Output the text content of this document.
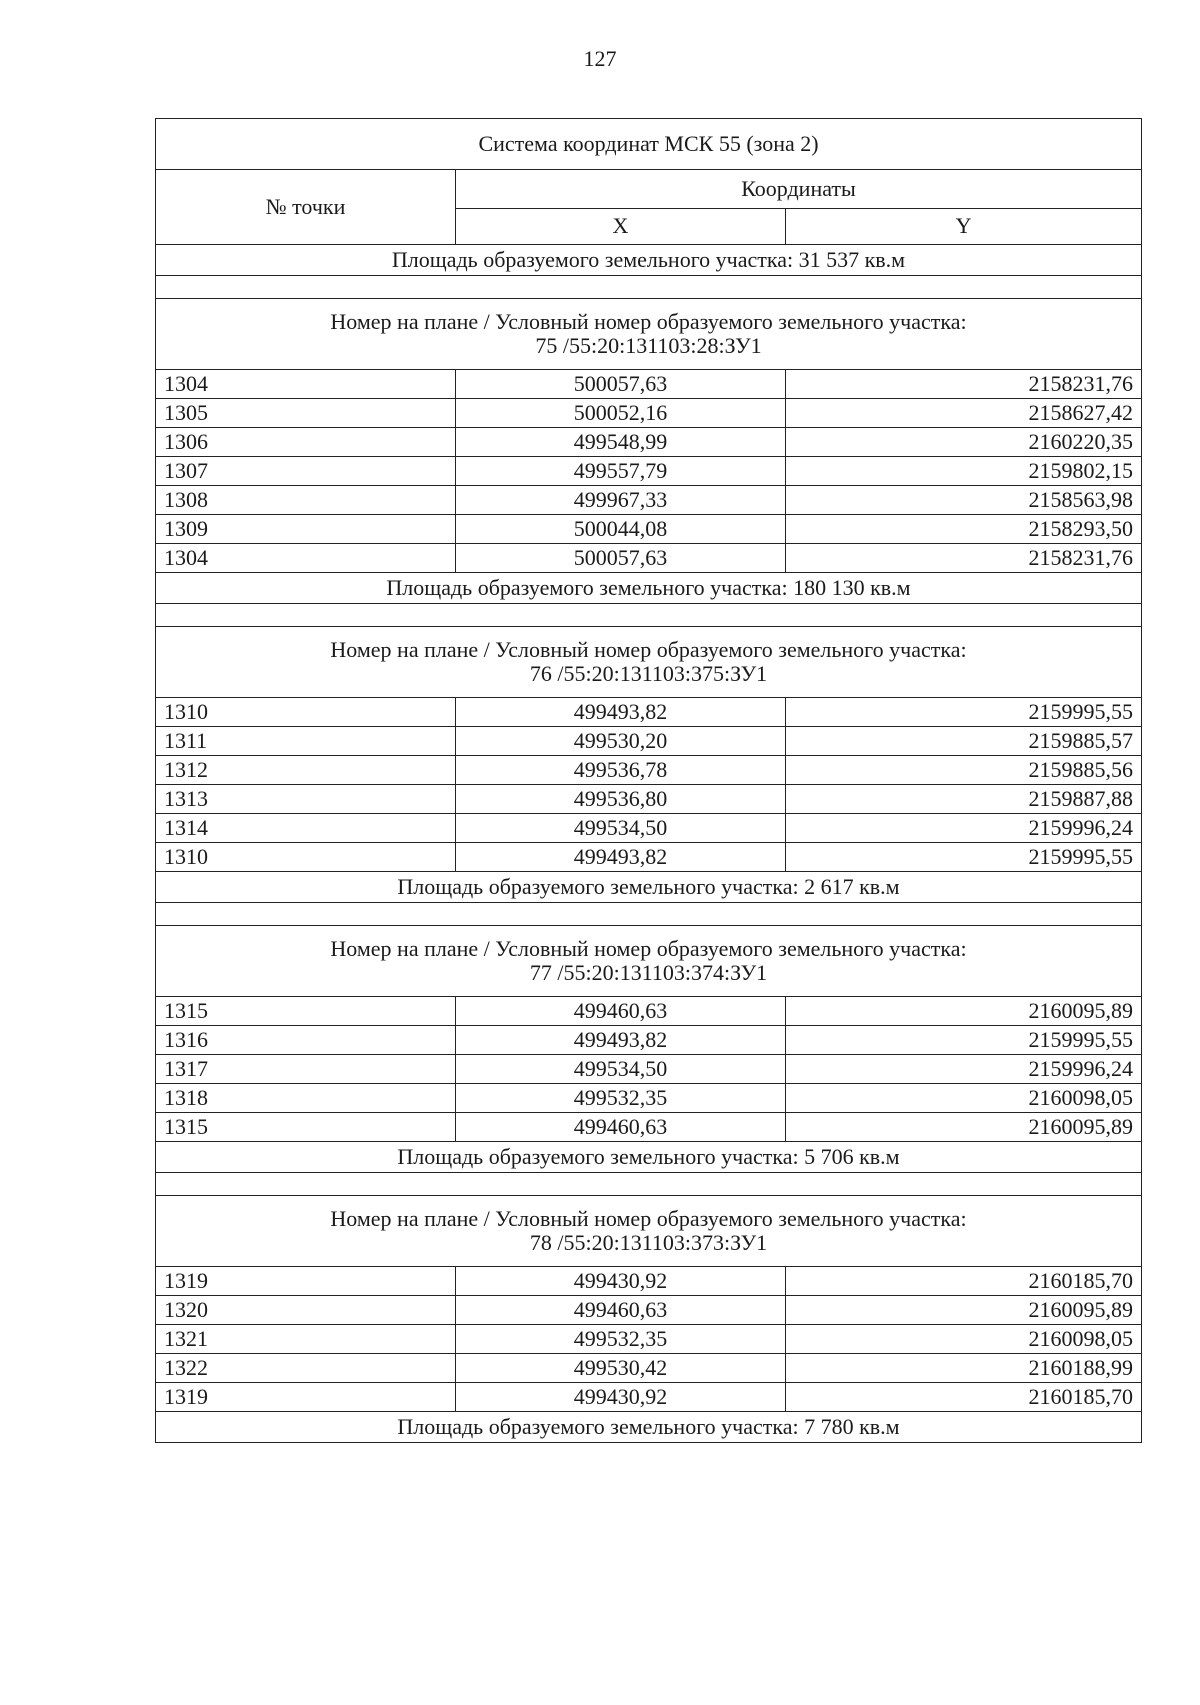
127
Система координат МСК 55 (зона 2)		
№ точки	Координаты	
	X	Y
Площадь образуемого земельного участка: 31 537 кв.м		

Номер на плане / Условный номер образуемого земельного участка:
75 /55:20:131103:28:ЗУ1		

1304	500057,63	2158231,76
1305	500052,16	2158627,42
1306	499548,99	2160220,35
1307	499557,79	2159802,15
1308	499967,33	2158563,98
1309	500044,08	2158293,50
1304	500057,63	2158231,76
Площадь образуемого земельного участка: 180 130 кв.м		

Номер на плане / Условный номер образуемого земельного участка:
76 /55:20:131103:375:ЗУ1		

1310	499493,82	2159995,55
1311	499530,20	2159885,57
1312	499536,78	2159885,56
1313	499536,80	2159887,88
1314	499534,50	2159996,24
1310	499493,82	2159995,55
Площадь образуемого земельного участка: 2 617 кв.м		

Номер на плане / Условный номер образуемого земельного участка:
77 /55:20:131103:374:ЗУ1		

1315	499460,63	2160095,89
1316	499493,82	2159995,55
1317	499534,50	2159996,24
1318	499532,35	2160098,05
1315	499460,63	2160095,89
Площадь образуемого земельного участка: 5 706 кв.м		

Номер на плане / Условный номер образуемого земельного участка:
78 /55:20:131103:373:ЗУ1		

1319	499430,92	2160185,70
1320	499460,63	2160095,89
1321	499532,35	2160098,05
1322	499530,42	2160188,99
1319	499430,92	2160185,70
Площадь образуемого земельного участка: 7 780 кв.м		
